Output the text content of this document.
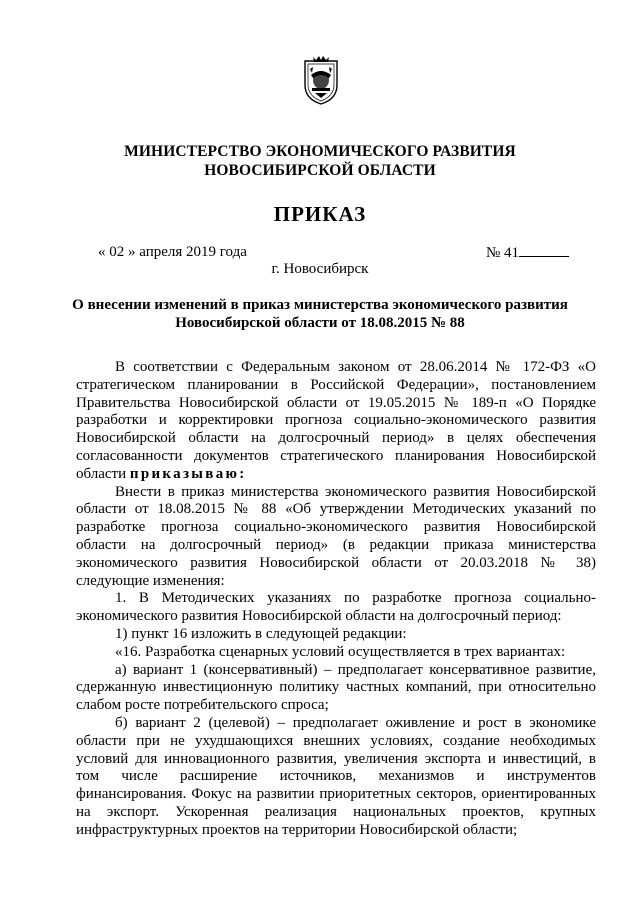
МИНИСТЕРСТВО ЭКОНОМИЧЕСКОГО РАЗВИТИЯ
НОВОСИБИРСКОЙ ОБЛАСТИ
ПРИКАЗ
« 02 » апреля 2019 года	№ 41
г. Новосибирск
О внесении изменений в приказ министерства экономического развития
Новосибирской области от 18.08.2015 № 88

В соответствии с Федеральным законом от 28.06.2014 № 172-ФЗ «О стратегическом планировании в Российской Федерации», постановлением Правительства Новосибирской области от 19.05.2015 № 189-п «О Порядке разработки и корректировки прогноза социально-экономического развития Новосибирской области на долгосрочный период» в целях обеспечения согласованности документов стратегического планирования Новосибирской области приказываю:

Внести в приказ министерства экономического развития Новосибирской области от 18.08.2015 № 88 «Об утверждении Методических указаний по разработке прогноза социально-экономического развития Новосибирской области на долгосрочный период» (в редакции приказа министерства экономического развития Новосибирской области от 20.03.2018 № 38) следующие изменения:

1. В Методических указаниях по разработке прогноза социально-экономического развития Новосибирской области на долгосрочный период:

1) пункт 16 изложить в следующей редакции:

«16. Разработка сценарных условий осуществляется в трех вариантах:

а) вариант 1 (консервативный) – предполагает консервативное развитие, сдержанную инвестиционную политику частных компаний, при относительно слабом росте потребительского спроса;

б) вариант 2 (целевой) – предполагает оживление и рост в экономике области при не ухудшающихся внешних условиях, создание необходимых условий для инновационного развития, увеличения экспорта и инвестиций, в том числе расширение источников, механизмов и инструментов финансирования. Фокус на развитии приоритетных секторов, ориентированных на экспорт. Ускоренная реализация национальных проектов, крупных инфраструктурных проектов на территории Новосибирской области;
